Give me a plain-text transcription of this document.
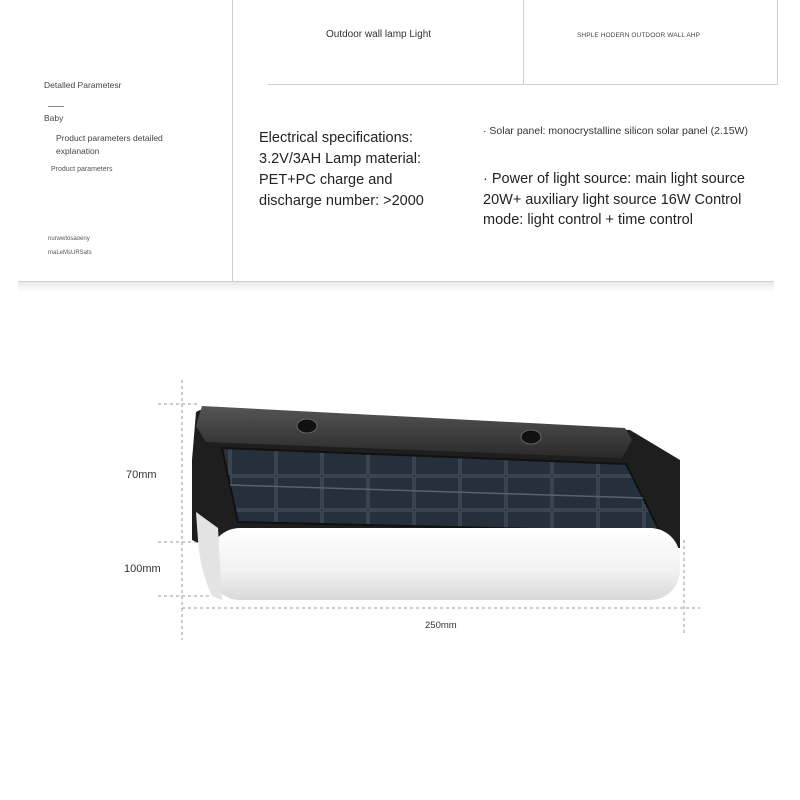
Outdoor wall lamp Light	SHPLE HODERN OUTDOOR WALL AHP
Detalled Parametesr
Baby
Product parameters detailed explanation
Product parameters
nurwwtosaoeny
maLeMsURSats
Electrical specifications: 3.2V/3AH Lamp material: PET+PC charge and discharge number: >2000
· Solar panel: monocrystalline silicon solar panel (2.15W)
· Power of light source: main light source 20W+ auxiliary light source 16W Control mode: light control + time control
70mm
100mm
250mm
